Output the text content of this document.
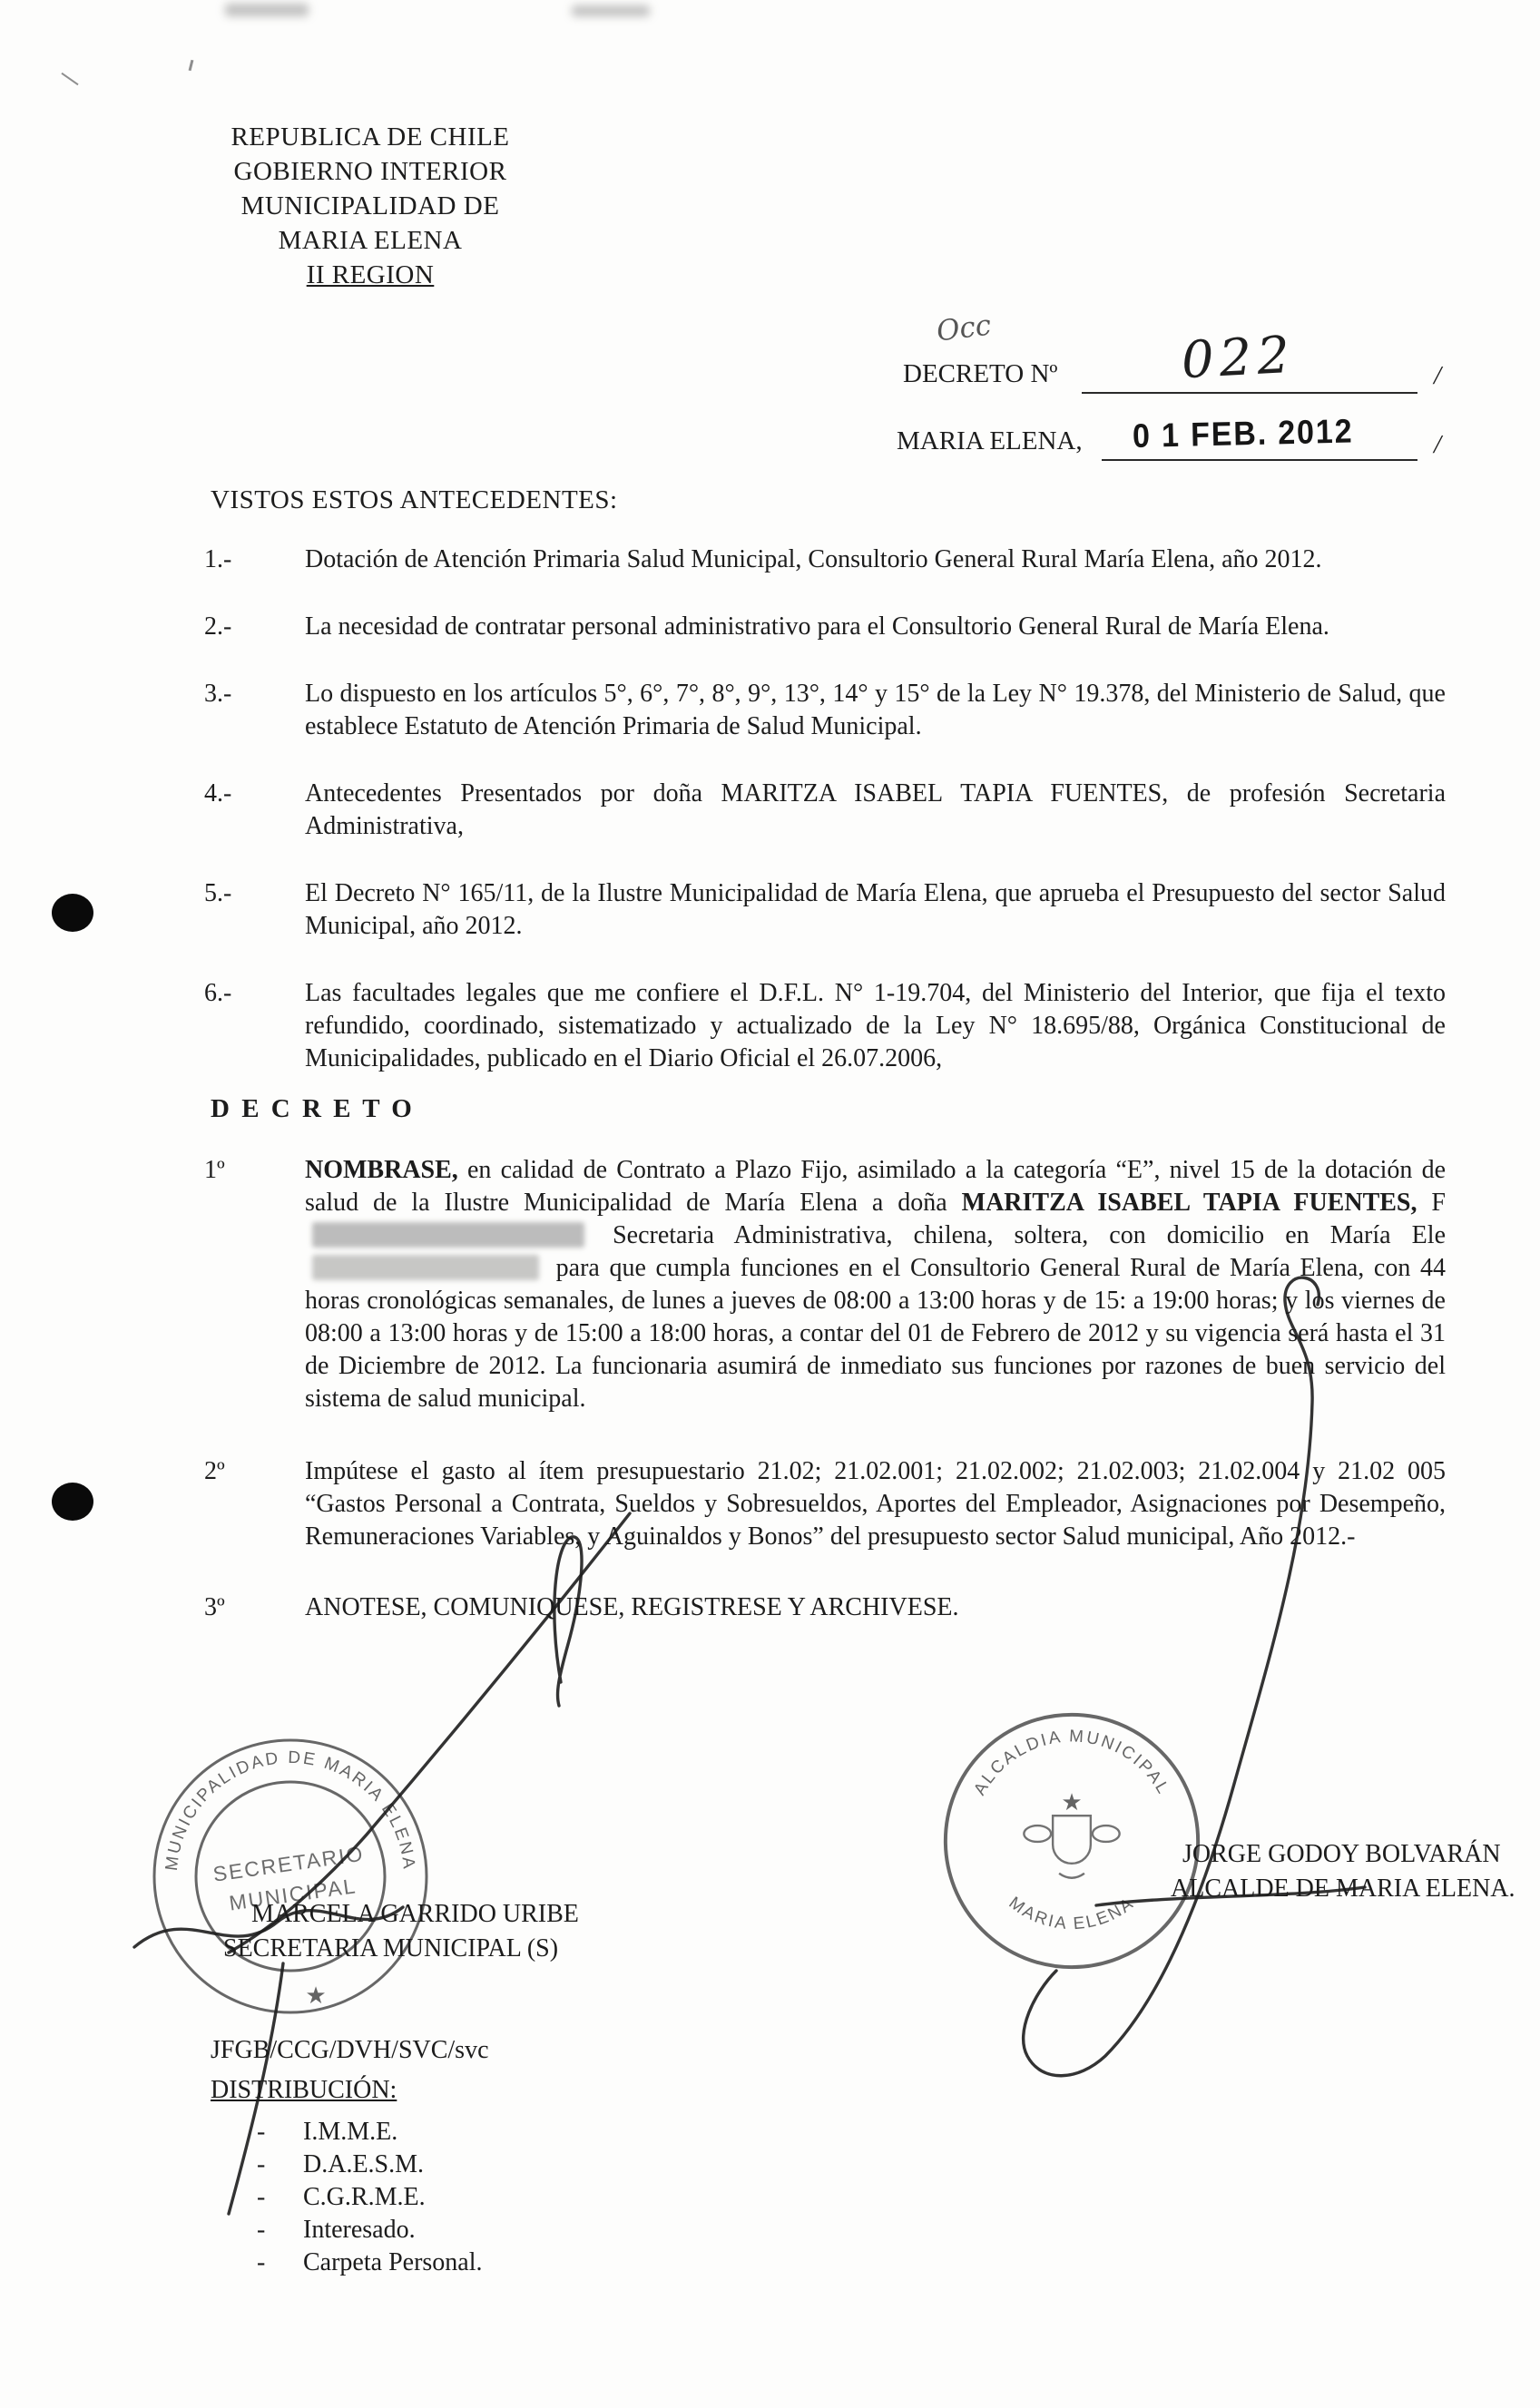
REPUBLICA DE CHILE
GOBIERNO INTERIOR
MUNICIPALIDAD DE
MARIA ELENA
II REGION
Occ
DECRETO Nº 022	/
MARIA ELENA, 0 1 FEB. 2012	/
VISTOS ESTOS ANTECEDENTES:
1.-	Dotación de Atención Primaria Salud Municipal, Consultorio General Rural María Elena, año 2012.
2.-	La necesidad de contratar personal administrativo para el Consultorio General Rural de María Elena.
3.-	Lo dispuesto en los artículos 5°, 6°, 7°, 8°, 9°, 13°, 14° y 15° de la Ley N° 19.378, del Ministerio de Salud, que establece Estatuto de Atención Primaria de Salud Municipal.
4.-	Antecedentes Presentados por doña MARITZA ISABEL TAPIA FUENTES, de profesión Secretaria Administrativa,
5.-	El Decreto N° 165/11, de la Ilustre Municipalidad de María Elena, que aprueba el Presupuesto del sector Salud Municipal, año 2012.
6.-	Las facultades legales que me confiere el D.F.L. N° 1-19.704, del Ministerio del Interior, que fija el texto refundido, coordinado, sistematizado y actualizado de la Ley N° 18.695/88, Orgánica Constitucional de Municipalidades, publicado en el Diario Oficial el 26.07.2006,
D E C R E T O
1º	NOMBRASE, en calidad de Contrato a Plazo Fijo, asimilado a la categoría “E”, nivel 15 de la dotación de salud de la Ilustre Municipalidad de María Elena a doña MARITZA ISABEL TAPIA FUENTES, F Secretaria Administrativa, chilena, soltera, con domicilio en María Ele para que cumpla funciones en el Consultorio General Rural de María Elena, con 44 horas cronológicas semanales, de lunes a jueves de 08:00 a 13:00 horas y de 15: a 19:00 horas; y los viernes de 08:00 a 13:00 horas y de 15:00 a 18:00 horas, a contar del 01 de Febrero de 2012 y su vigencia será hasta el 31 de Diciembre de 2012. La funcionaria asumirá de inmediato sus funciones por razones de buen servicio del sistema de salud municipal.
2º	Impútese el gasto al ítem presupuestario 21.02; 21.02.001; 21.02.002; 21.02.003; 21.02.004 y 21.02 005 “Gastos Personal a Contrata, Sueldos y Sobresueldos, Aportes del Empleador, Asignaciones por Desempeño, Remuneraciones Variables, y Aguinaldos y Bonos” del presupuesto sector Salud municipal, Año 2012.-
3º	ANOTESE, COMUNIQUESE, REGISTRESE Y ARCHIVESE.
MUNICIPALIDAD DE MARIA ELENA
SECRETARIO
MUNICIPAL
★
ALCALDIA MUNICIPAL
MARIA ELENA
★
MARCELA GARRIDO URIBE
SECRETARIA MUNICIPAL (S)
JORGE GODOY BOLVARÁN
ALCALDE DE MARIA ELENA.
JFGB/CCG/DVH/SVC/svc
DISTRIBUCIÓN:
-	I.M.M.E.
-	D.A.E.S.M.
-	C.G.R.M.E.
-	Interesado.
-	Carpeta Personal.
